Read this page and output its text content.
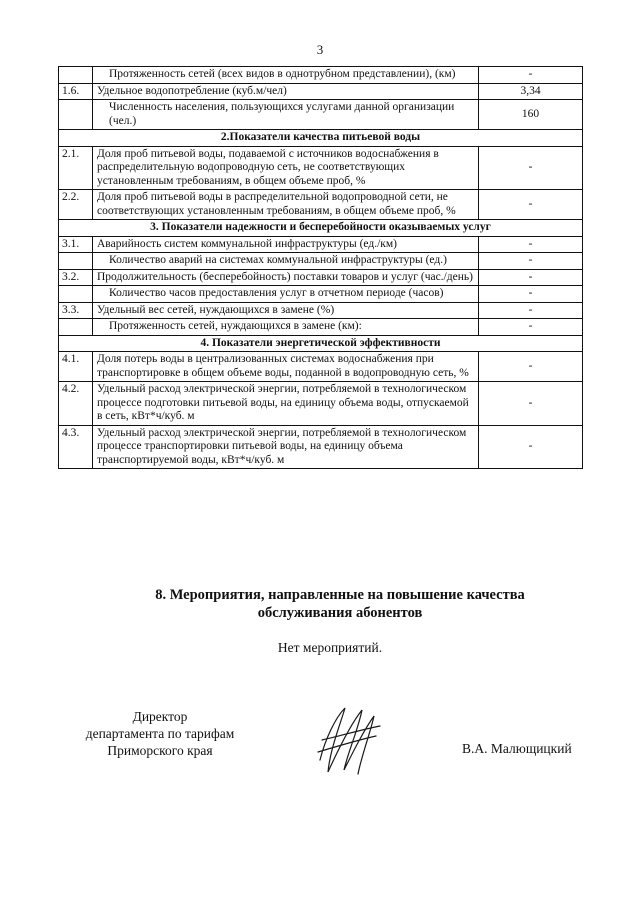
3
	Протяженность сетей (всех видов в однотрубном представлении), (км)	-
1.6.	Удельное водопотребление (куб.м/чел)	3,34
	Численность населения, пользующихся услугами данной организации (чел.)	160
2.Показатели качества питьевой воды		
2.1.	Доля проб питьевой воды, подаваемой с источников водоснабжения в распределительную водопроводную сеть, не соответствующих установленным требованиям, в общем объеме проб, %	-
2.2.	Доля проб питьевой воды в распределительной водопроводной сети, не соответствующих установленным требованиям, в общем объеме проб, %	-
3. Показатели надежности и бесперебойности оказываемых услуг		
3.1.	Аварийность систем коммунальной инфраструктуры (ед./км)	-
	Количество аварий на системах коммунальной инфраструктуры (ед.)	-
3.2.	Продолжительность (бесперебойность) поставки товаров и услуг (час./день)	-
	Количество часов предоставления услуг в отчетном периоде (часов)	-
3.3.	Удельный вес сетей, нуждающихся в замене (%)	-
	Протяженность сетей, нуждающихся в замене (км):	-
4. Показатели энергетической эффективности		
4.1.	Доля потерь воды в централизованных системах водоснабжения при транспортировке в общем объеме воды, поданной в водопроводную сеть, %	-
4.2.	Удельный расход электрической энергии, потребляемой в технологическом процессе подготовки питьевой воды, на единицу объема воды, отпускаемой в сеть, кВт*ч/куб. м	-
4.3.	Удельный расход электрической энергии, потребляемой в технологическом процессе транспортировки питьевой воды, на единицу объема транспортируемой воды, кВт*ч/куб. м	-
8. Мероприятия, направленные на повышение качества
обслуживания абонентов
Нет мероприятий.
Директор
департамента по тарифам
Приморского края	В.А. Малющицкий
